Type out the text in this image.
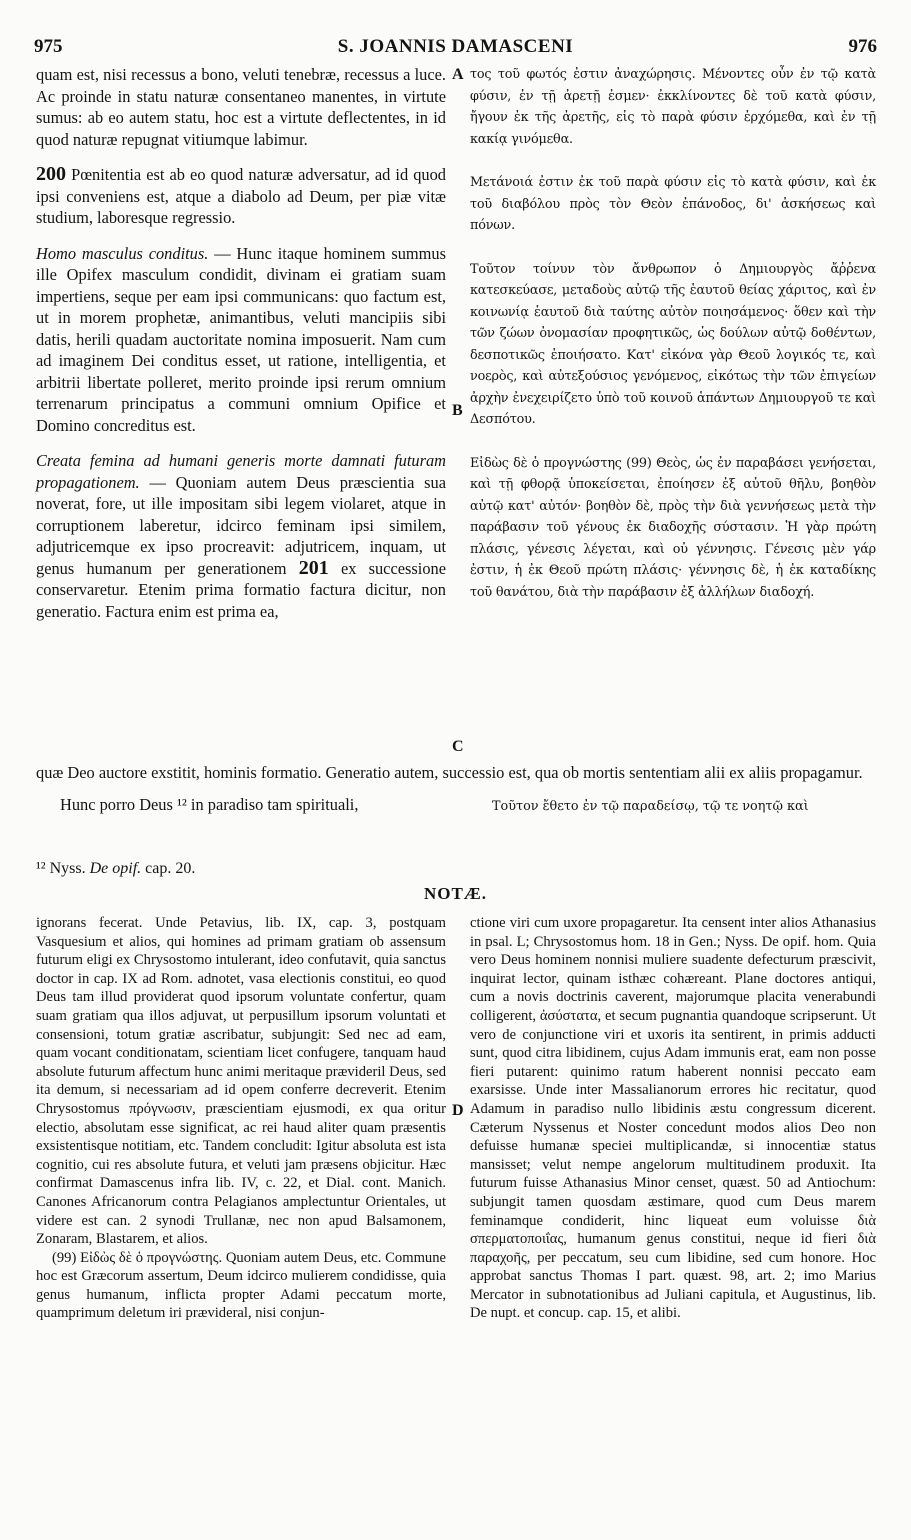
975	S. JOANNIS DAMASCENI	976

quam est, nisi recessus a bono, veluti tenebræ, recessus a luce. Ac proinde in statu naturæ consentaneo manentes, in virtute sumus: ab eo autem statu, hoc est a virtute deflectentes, in id quod naturæ repugnat vitiumque labimur.

200 Pœnitentia est ab eo quod naturæ adversatur, ad id quod ipsi conveniens est, atque a diabolo ad Deum, per piæ vitæ studium, laboresque regressio.

Homo masculus conditus. — Hunc itaque hominem summus ille Opifex masculum condidit, divinam ei gratiam suam impertiens, seque per eam ipsi communicans: quo factum est, ut in morem prophetæ, animantibus, veluti mancipiis sibi datis, herili quadam auctoritate nomina imposuerit. Nam cum ad imaginem Dei conditus esset, ut ratione, intelligentia, et arbitrii libertate polleret, merito proinde ipsi rerum omnium terrenarum principatus a communi omnium Opifice et Domino concreditus est.

Creata femina ad humani generis morte damnati futuram propagationem. — Quoniam autem Deus præscientia sua noverat, fore, ut ille impositam sibi legem violaret, atque in corruptionem laberetur, idcirco feminam ipsi similem, adjutricemque ex ipso procreavit: adjutricem, inquam, ut genus humanum per generationem 201 ex successione conservaretur. Etenim prima formatio factura dicitur, non generatio. Factura enim est prima ea,

τος τοῦ φωτός ἐστιν ἀναχώρησις. Μένοντες οὖν ἐν τῷ κατὰ φύσιν, ἐν τῇ ἀρετῇ ἐσμεν· ἐκκλίνοντες δὲ τοῦ κατὰ φύσιν, ἤγουν ἐκ τῆς ἀρετῆς, εἰς τὸ παρὰ φύσιν ἐρχόμεθα, καὶ ἐν τῇ κακίᾳ γινόμεθα.

Μετάνοιά ἐστιν ἐκ τοῦ παρὰ φύσιν εἰς τὸ κατὰ φύσιν, καὶ ἐκ τοῦ διαβόλου πρὸς τὸν Θεὸν ἐπάνοδος, δι' ἀσκήσεως καὶ πόνων.

Τοῦτον τοίνυν τὸν ἄνθρωπον ὁ Δημιουργὸς ἄῤῥενα κατεσκεύασε, μεταδοὺς αὐτῷ τῆς ἑαυτοῦ θείας χάριτος, καὶ ἐν κοινωνίᾳ ἑαυτοῦ διὰ ταύτης αὐτὸν ποιησάμενος· ὅθεν καὶ τὴν τῶν ζώων ὀνομασίαν προφητικῶς, ὡς δούλων αὐτῷ δοθέντων, δεσποτικῶς ἐποιήσατο. Κατ' εἰκόνα γὰρ Θεοῦ λογικός τε, καὶ νοερὸς, καὶ αὐτεξούσιος γενόμενος, εἰκότως τὴν τῶν ἐπιγείων ἀρχὴν ἐνεχειρίζετο ὑπὸ τοῦ κοινοῦ ἁπάντων Δημιουργοῦ τε καὶ Δεσπότου.

Εἰδὼς δὲ ὁ προγνώστης (99) Θεὸς, ὡς ἐν παραβάσει γενήσεται, καὶ τῇ φθορᾷ ὑποκείσεται, ἐποίησεν ἐξ αὐτοῦ θῆλυ, βοηθὸν αὐτῷ κατ' αὐτόν· βοηθὸν δὲ, πρὸς τὴν διὰ γεννήσεως μετὰ τὴν παράβασιν τοῦ γένους ἐκ διαδοχῆς σύστασιν. Ἡ γὰρ πρώτη πλάσις, γένεσις λέγεται, καὶ οὐ γέννησις. Γένεσις μὲν γάρ ἐστιν, ἡ ἐκ Θεοῦ πρώτη πλάσις· γέννησις δὲ, ἡ ἐκ καταδίκης τοῦ θανάτου, διὰ τὴν παράβασιν ἐξ ἀλλήλων διαδοχή.

A
B
C
D

quæ Deo auctore exstitit, hominis formatio. Generatio autem, successio est, qua ob mortis sententiam alii ex aliis propagamur.

Hunc porro Deus ¹² in paradiso tam spirituali,	Τοῦτον ἔθετο ἐν τῷ παραδείσῳ, τῷ τε νοητῷ καὶ
¹² Nyss. De opif. cap. 20.
NOTÆ.

ignorans fecerat. Unde Petavius, lib. IX, cap. 3, postquam Vasquesium et alios, qui homines ad primam gratiam ob assensum futurum eligi ex Chrysostomo intulerant, ideo confutavit, quia sanctus doctor in cap. IX ad Rom. adnotet, vasa electionis constitui, eo quod Deus tam illud providerat quod ipsorum voluntate confertur, quam suam gratiam qua illos adjuvat, ut perpusillum ipsorum voluntati et consensioni, totum gratiæ ascribatur, subjungit: Sed nec ad eam, quam vocant conditionatam, scientiam licet confugere, tanquam haud absolute futurum affectum hunc animi meritaque prævideril Deus, sed ita demum, si necessariam ad id opem conferre decreverit. Etenim Chrysostomus πρόγνωσιν, præscientiam ejusmodi, ex qua oritur electio, absolutam esse significat, ac rei haud aliter quam præsentis exsistentisque notitiam, etc. Tandem concludit: Igitur absoluta est ista cognitio, cui res absolute futura, et veluti jam præsens objicitur. Hæc confirmat Damascenus infra lib. IV, c. 22, et Dial. cont. Manich. Canones Africanorum contra Pelagianos amplectuntur Orientales, ut videre est can. 2 synodi Trullanæ, nec non apud Balsamonem, Zonaram, Blastarem, et alios.

(99) Εἰδὼς δὲ ὁ προγνώστης. Quoniam autem Deus, etc. Commune hoc est Græcorum assertum, Deum idcirco mulierem condidisse, quia genus humanum, inflicta propter Adami peccatum morte, quamprimum deletum iri prævideral, nisi conjun-

ctione viri cum uxore propagaretur. Ita censent inter alios Athanasius in psal. L; Chrysostomus hom. 18 in Gen.; Nyss. De opif. hom. Quia vero Deus hominem nonnisi muliere suadente defecturum præscivit, inquirat lector, quinam isthæc cohæreant. Plane doctores antiqui, cum a novis doctrinis caverent, majorumque placita venerabundi colligerent, ἀσύστατα, et secum pugnantia quandoque scripserunt. Ut vero de conjunctione viri et uxoris ita sentirent, in primis adducti sunt, quod citra libidinem, cujus Adam immunis erat, eam non posse fieri putarent: quinimo ratum haberent nonnisi peccato eam exarsisse. Unde inter Massalianorum errores hic recitatur, quod Adamum in paradiso nullo libidinis æstu congressum dicerent. Cæterum Nyssenus et Noster concedunt modos alios Deo non defuisse humanæ speciei multiplicandæ, si innocentiæ status mansisset; velut nempe angelorum multitudinem produxit. Ita futurum fuisse Athanasius Minor censet, quæst. 50 ad Antiochum: subjungit tamen quosdam æstimare, quod cum Deus marem feminamque condiderit, hinc liqueat eum voluisse διὰ σπερματοποιΐας, humanum genus constitui, neque id fieri διὰ παραχοῆς, per peccatum, seu cum libidine, sed cum honore. Hoc approbat sanctus Thomas I part. quæst. 98, art. 2; imo Marius Mercator in subnotationibus ad Juliani capitula, et Augustinus, lib. De nupt. et concup. cap. 15, et alibi.
